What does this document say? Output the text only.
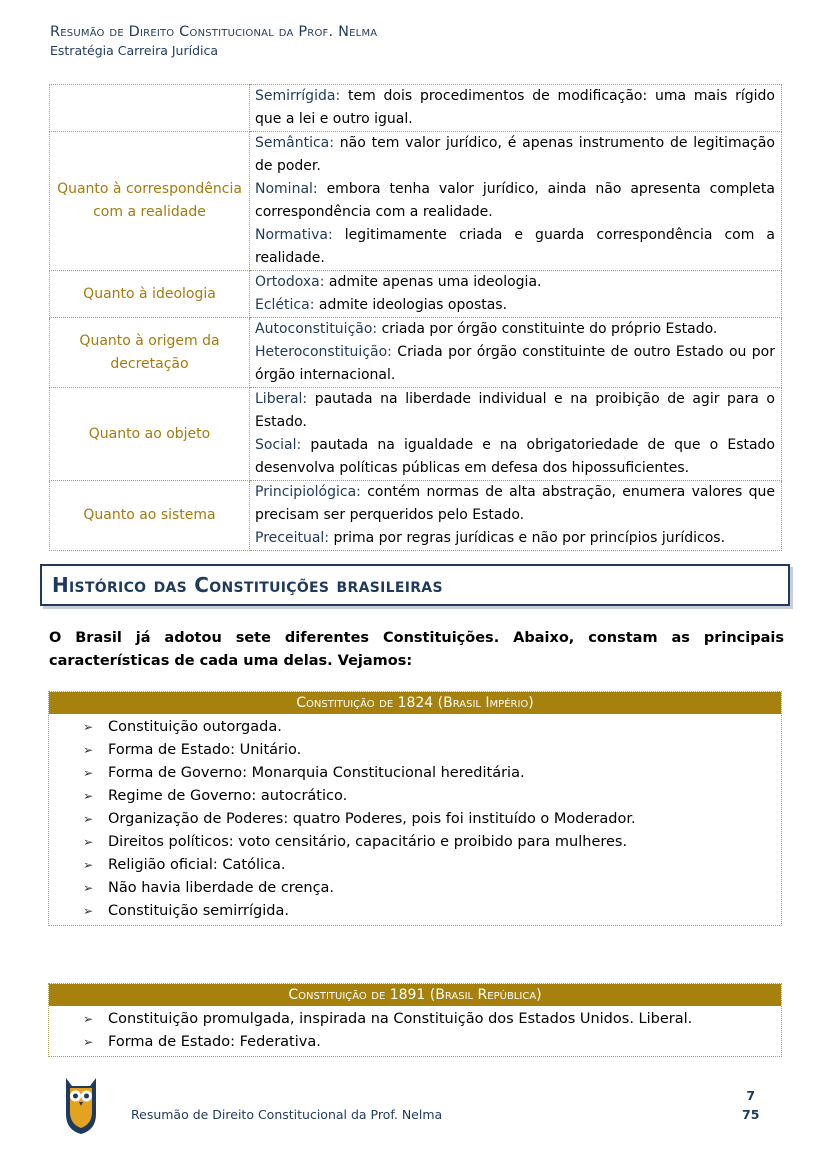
Resumão de Direito Constitucional da Prof. Nelma
Estratégia Carreira Jurídica

	Semirrígida: tem dois procedimentos de modificação: uma mais rígido que a lei e outro igual.

Quanto à correspondência com a realidade	Semântica: não tem valor jurídico, é apenas instrumento de legitimação de poder.
Nominal: embora tenha valor jurídico, ainda não apresenta completa correspondência com a realidade.
Normativa: legitimamente criada e guarda correspondência com a realidade.

Quanto à ideologia	Ortodoxa: admite apenas uma ideologia.
Eclética: admite ideologias opostas.

Quanto à origem da decretação	Autoconstituição: criada por órgão constituinte do próprio Estado.
Heteroconstituição: Criada por órgão constituinte de outro Estado ou por órgão internacional.

Quanto ao objeto	Liberal: pautada na liberdade individual e na proibição de agir para o Estado.
Social: pautada na igualdade e na obrigatoriedade de que o Estado desenvolva políticas públicas em defesa dos hipossuficientes.

Quanto ao sistema	Principiológica: contém normas de alta abstração, enumera valores que precisam ser perqueridos pelo Estado.
Preceitual: prima por regras jurídicas e não por princípios jurídicos.
Histórico das Constituições brasileiras

O Brasil já adotou sete diferentes Constituições. Abaixo, constam as principais características de cada uma delas. Vejamos:

Constituição de 1824 (Brasil Império)
➢ Constituição outorgada.
➢ Forma de Estado: Unitário.
➢ Forma de Governo: Monarquia Constitucional hereditária.
➢ Regime de Governo: autocrático.
➢ Organização de Poderes: quatro Poderes, pois foi instituído o Moderador.
➢ Direitos políticos: voto censitário, capacitário e proibido para mulheres.
➢ Religião oficial: Católica.
➢ Não havia liberdade de crença.
➢ Constituição semirrígida.
Constituição de 1891 (Brasil República)
➢ Constituição promulgada, inspirada na Constituição dos Estados Unidos. Liberal.
➢ Forma de Estado: Federativa.
Resumão de Direito Constitucional da Prof. Nelma
7
75
